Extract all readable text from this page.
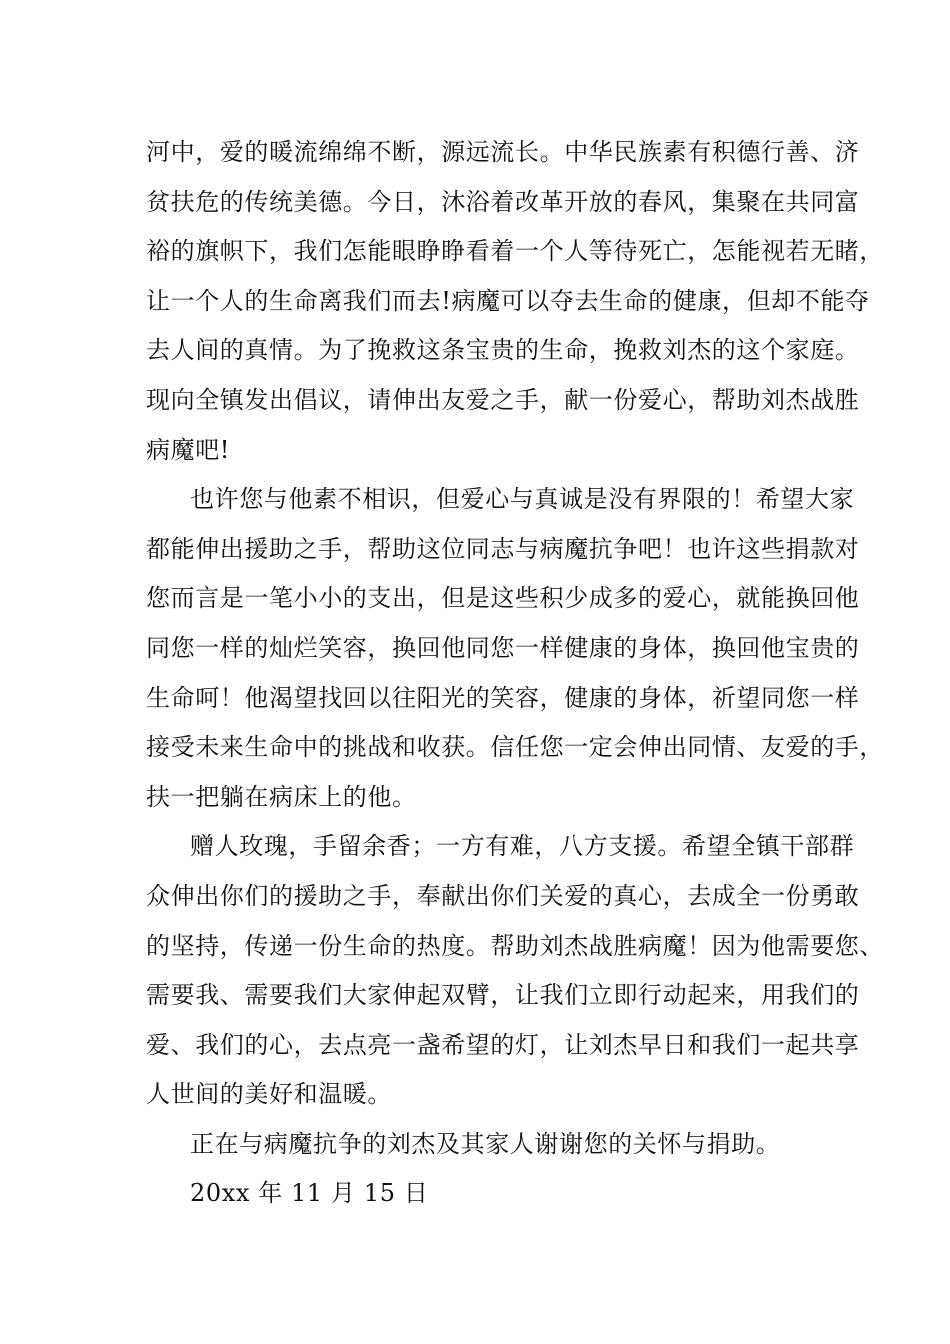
河中，爱的暖流绵绵不断，源远流长。中华民族素有积德行善、济
贫扶危的传统美德。今日，沐浴着改革开放的春风，集聚在共同富
裕的旗帜下，我们怎能眼睁睁看着一个人等待死亡，怎能视若无睹，
让一个人的生命离我们而去!病魔可以夺去生命的健康，但却不能夺
去人间的真情。为了挽救这条宝贵的生命，挽救刘杰的这个家庭。
现向全镇发出倡议，请伸出友爱之手，献一份爱心，帮助刘杰战胜
病魔吧!
也许您与他素不相识，但爱心与真诚是没有界限的！希望大家
都能伸出援助之手，帮助这位同志与病魔抗争吧！也许这些捐款对
您而言是一笔小小的支出，但是这些积少成多的爱心，就能换回他
同您一样的灿烂笑容，换回他同您一样健康的身体，换回他宝贵的
生命呵！他渴望找回以往阳光的笑容，健康的身体，祈望同您一样
接受未来生命中的挑战和收获。信任您一定会伸出同情、友爱的手，
扶一把躺在病床上的他。
赠人玫瑰，手留余香；一方有难，八方支援。希望全镇干部群
众伸出你们的援助之手，奉献出你们关爱的真心，去成全一份勇敢
的坚持，传递一份生命的热度。帮助刘杰战胜病魔！因为他需要您、
需要我、需要我们大家伸起双臂，让我们立即行动起来，用我们的
爱、我们的心，去点亮一盏希望的灯，让刘杰早日和我们一起共享
人世间的美好和温暖。
正在与病魔抗争的刘杰及其家人谢谢您的关怀与捐助。
20xx 年 11 月 15 日
